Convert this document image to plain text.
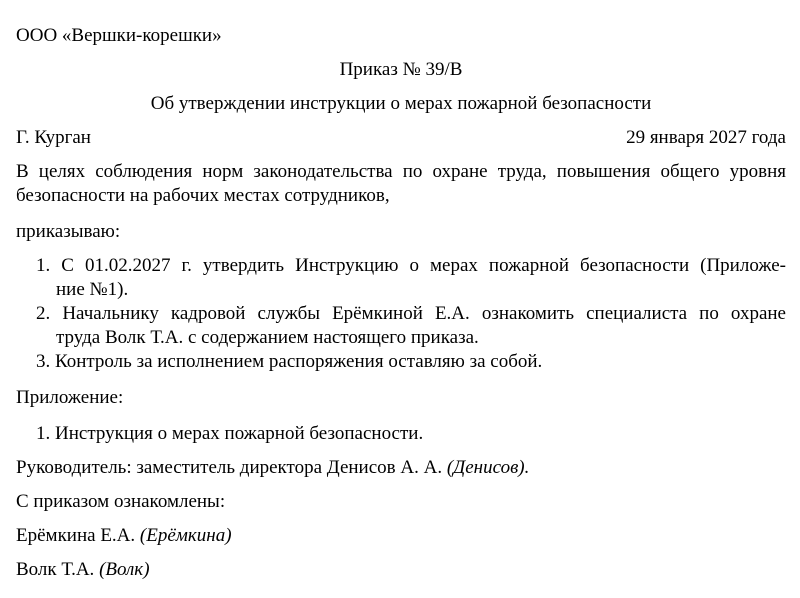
ООО «Вершки-корешки»
Приказ № 39/В
Об утверждении инструкции о мерах пожарной безопасности
Г. Курган	29 января 2027 года
В целях соблюдения норм законодательства по охране труда, повышения общего уровня
безопасности на рабочих местах сотрудников,
приказываю:
1. С 01.02.2027 г. утвердить Инструкцию о мерах пожарной безопасности (Приложе-
ние №1).
2. Начальнику кадровой службы Ерёмкиной Е.А. ознакомить специалиста по охране
труда Волк Т.А. с содержанием настоящего приказа.
3. Контроль за исполнением распоряжения оставляю за собой.
Приложение:
1. Инструкция о мерах пожарной безопасности.
Руководитель: заместитель директора Денисов А. А. (Денисов).
С приказом ознакомлены:
Ерёмкина Е.А. (Ерёмкина)
Волк Т.А. (Волк)
